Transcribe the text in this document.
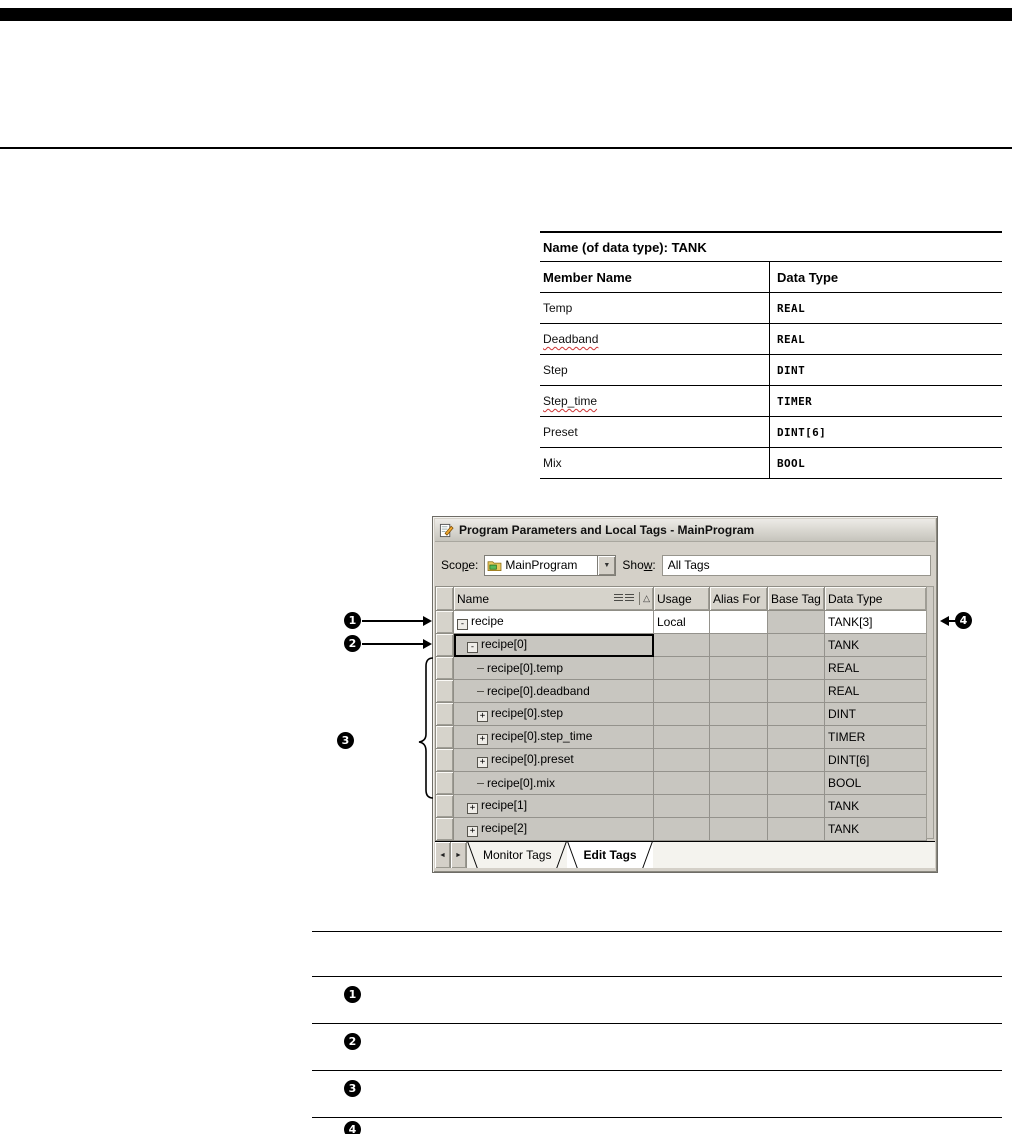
Name (of data type): TANK
Member Name	Data Type
Temp	REAL
Deadband	REAL
Step	DINT
Step_time	TIMER
Preset	DINT[6]
Mix	BOOL
Program Parameters and Local Tags - MainProgram
Scope: MainProgram	▼ Show: All Tags

	Name △	Usage	Alias For	Base Tag	Data Type
	- recipe	Local			TANK[3]
	- recipe[0]				TANK
	recipe[0].temp				REAL
	recipe[0].deadband				REAL
	+ recipe[0].step				DINT
	+ recipe[0].step_time				TIMER
	+ recipe[0].preset				DINT[6]
	recipe[0].mix				BOOL
	+ recipe[1]				TANK
	+ recipe[2]				TANK
◄	►	Monitor Tags	Edit Tags
1
2
3
4
1
2
3
4
